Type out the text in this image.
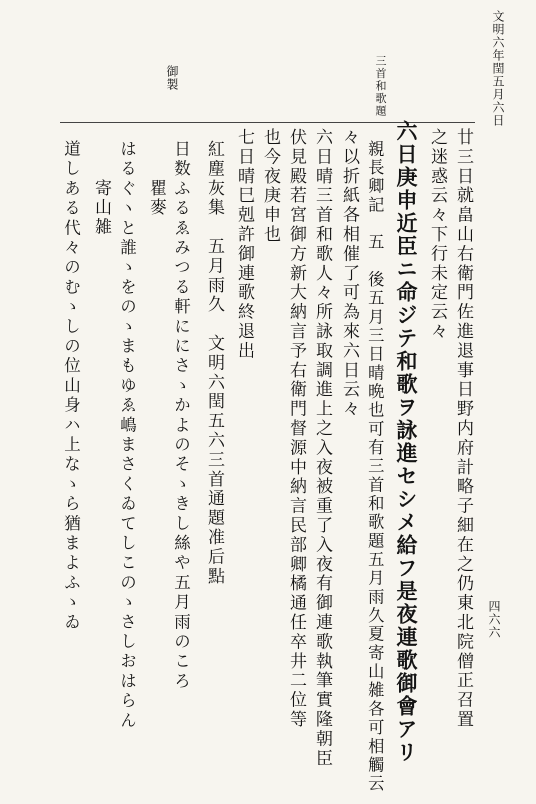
文明六年閏五月六日
四六六
三首和歌題
御製
廿三日就畠山右衛門佐進退事日野内府計略子細在之仍東北院僧正召置
之迷惑云々下行未定云々
六日庚申近臣ニ命ジテ和歌ヲ詠進セシメ給フ是夜連歌御會アリ
親長卿記　五　後五月三日晴晩也可有三首和歌題五月雨久夏寄山雑各可相觸云
々以折紙各相催了可為來六日云々
六日晴三首和歌人々所詠取調進上之入夜被重了入夜有御連歌執筆實隆朝臣
伏見殿若宮御方新大納言予右衛門督源中納言民部卿橘通任卒井二位等
也今夜庚申也
七日晴巳剋許御連歌終退出
紅塵灰集　五月雨久　文明六閏五六三首通題准后點
日数ふるゑみつる軒ににさゝかよのそゝきし絲や五月雨のころ
　　瞿麥
はるぐヽと誰ゝをのゝまもゆゑ嶋まさくゐてしこのゝさしおはらん
　　寄山雑
道しある代々のむゝしの位山身ハ上なゝら猶まよふゝゐ
